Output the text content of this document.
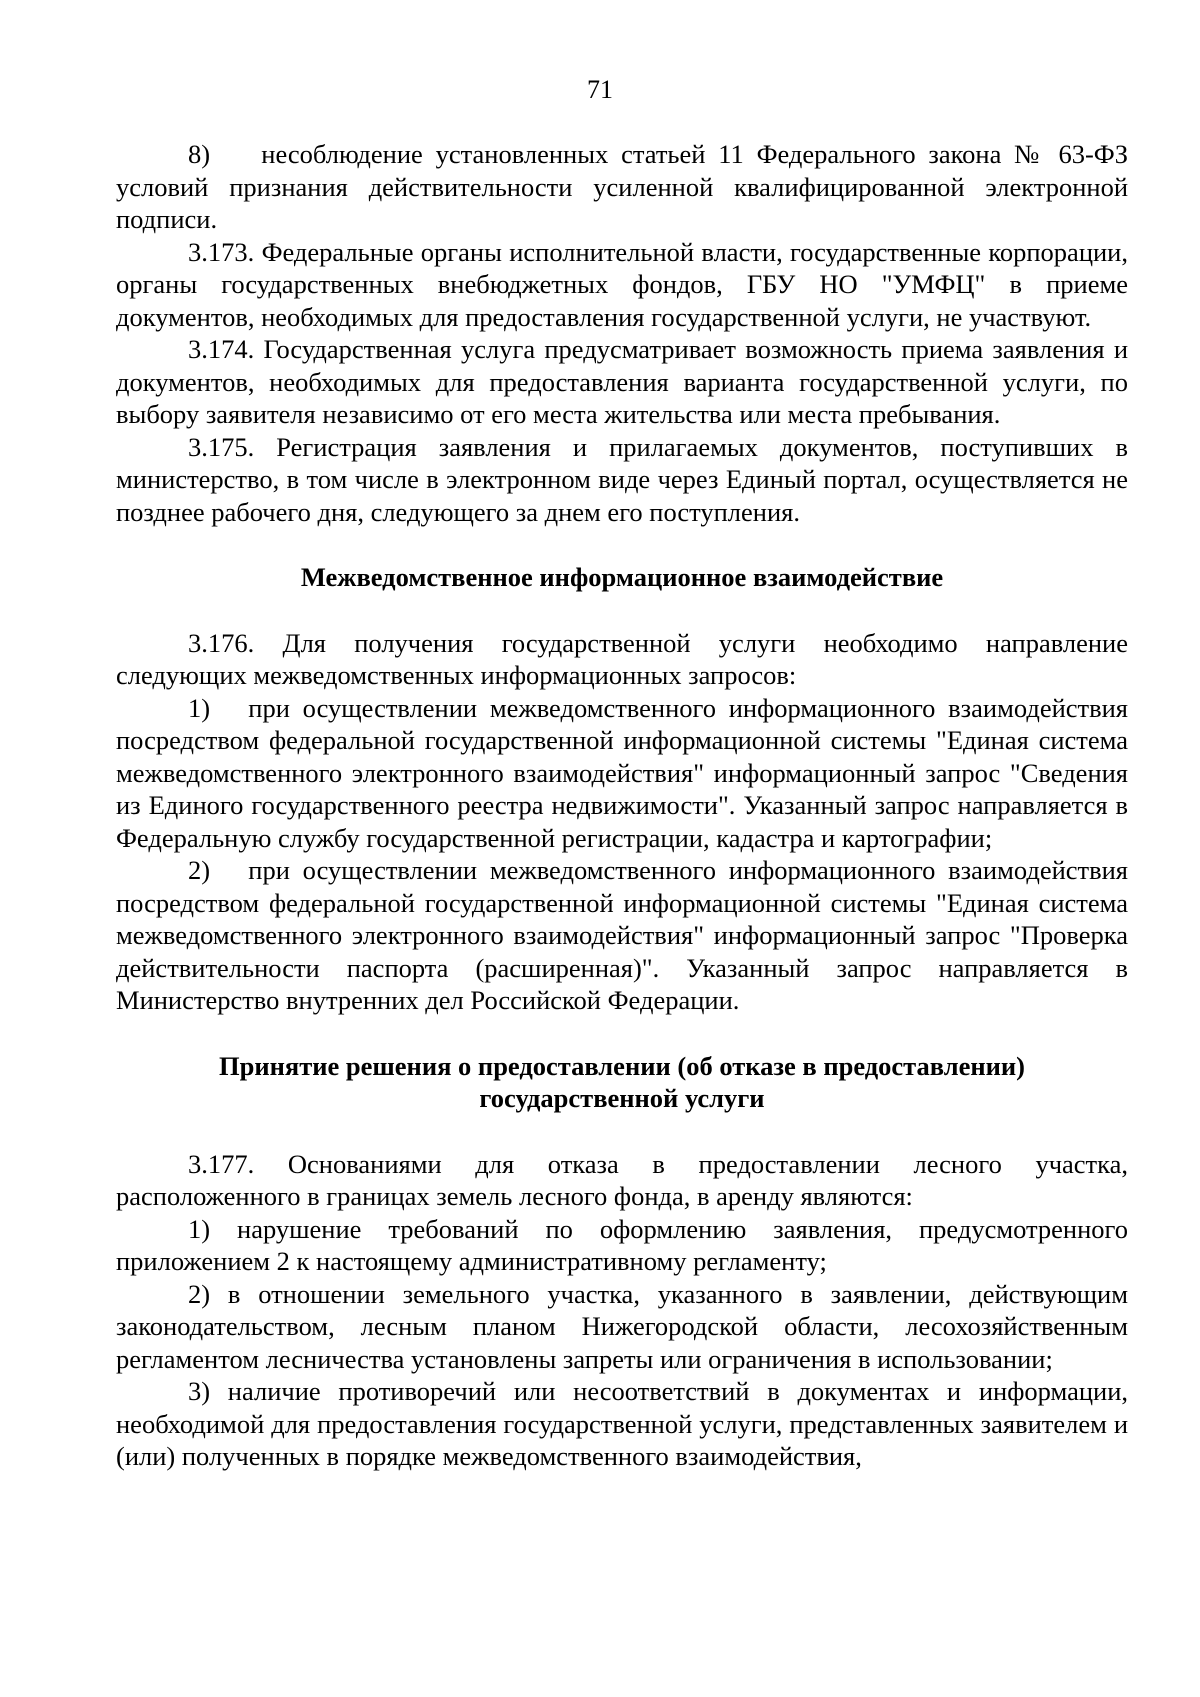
71

8)    несоблюдение установленных статьей 11 Федерального закона № 63-ФЗ условий признания действительности усиленной квалифицированной электронной подписи.

3.173. Федеральные органы исполнительной власти, государственные корпорации, органы государственных внебюджетных фондов, ГБУ НО "УМФЦ" в приеме документов, необходимых для предоставления государственной услуги, не участвуют.

3.174. Государственная услуга предусматривает возможность приема заявления и документов, необходимых для предоставления варианта государственной услуги, по выбору заявителя независимо от его места жительства или места пребывания.

3.175. Регистрация заявления и прилагаемых документов, поступивших в министерство, в том числе в электронном виде через Единый портал, осуществляется не позднее рабочего дня, следующего за днем его поступления.

Межведомственное информационное взаимодействие

3.176. Для получения государственной услуги необходимо направление следующих межведомственных информационных запросов:

1)   при осуществлении межведомственного информационного взаимодействия посредством федеральной государственной информационной системы "Единая система межведомственного электронного взаимодействия" информационный запрос "Сведения из Единого государственного реестра недвижимости". Указанный запрос направляется в Федеральную службу государственной регистрации, кадастра и картографии;

2)   при осуществлении межведомственного информационного взаимодействия посредством федеральной государственной информационной системы "Единая система межведомственного электронного взаимодействия" информационный запрос "Проверка действительности паспорта (расширенная)". Указанный запрос направляется в Министерство внутренних дел Российской Федерации.

Принятие решения о предоставлении (об отказе в предоставлении)
государственной услуги

3.177. Основаниями для отказа в предоставлении лесного участка, расположенного в границах земель лесного фонда, в аренду являются:

1) нарушение требований по оформлению заявления, предусмотренного приложением 2 к настоящему административному регламенту;

2) в отношении земельного участка, указанного в заявлении, действующим законодательством, лесным планом Нижегородской области, лесохозяйственным регламентом лесничества установлены запреты или ограничения в использовании;

3) наличие противоречий или несоответствий в документах и информации, необходимой для предоставления государственной услуги, представленных заявителем и (или) полученных в порядке межведомственного взаимодействия,
